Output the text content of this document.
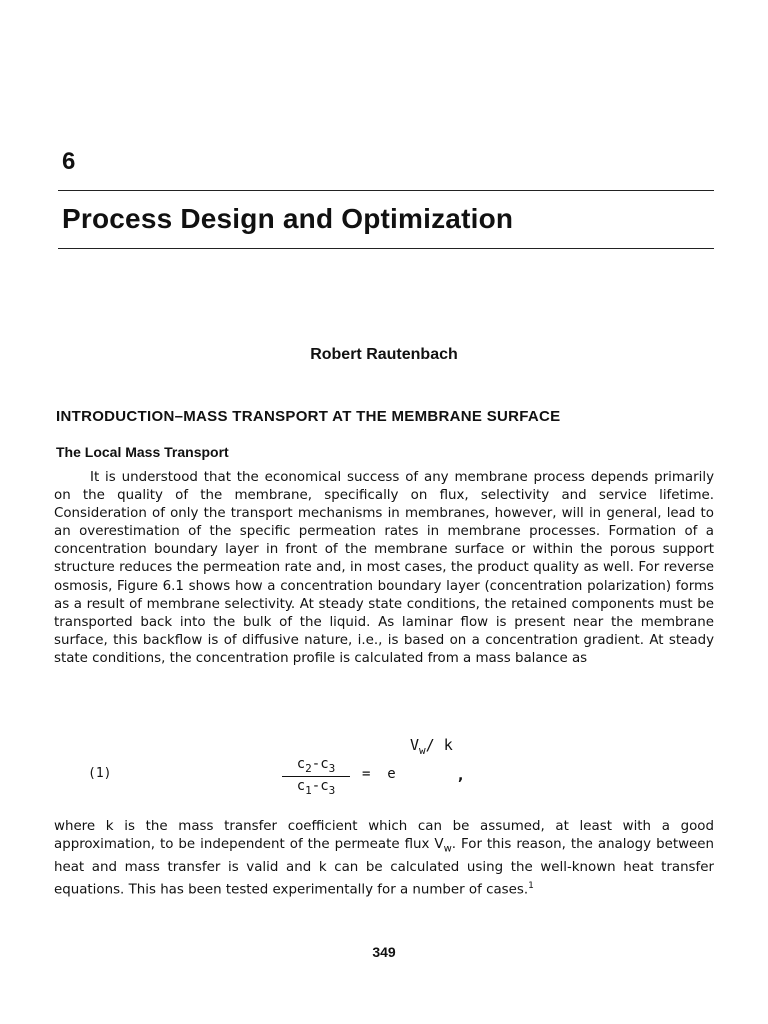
6
Process Design and Optimization
Robert Rautenbach
INTRODUCTION–MASS TRANSPORT AT THE MEMBRANE SURFACE
The Local Mass Transport
It is understood that the economical success of any membrane process depends primarily on the quality of the membrane, specifically on flux, selectivity and service lifetime. Consideration of only the transport mechanisms in membranes, however, will in general, lead to an overestimation of the specific permeation rates in membrane processes. Formation of a concentration boundary layer in front of the membrane surface or within the porous support structure reduces the permeation rate and, in most cases, the product quality as well. For reverse osmosis, Figure 6.1 shows how a concentration boundary layer (concentration polarization) forms as a result of membrane selectivity. At steady state conditions, the retained components must be transported back into the bulk of the liquid. As laminar flow is present near the membrane surface, this backflow is of diffusive nature, i.e., is based on a concentration gradient. At steady state conditions, the concentration profile is calculated from a mass balance as
(1)
$V_w/$ k
$\frac{c_2-c_3}{c_1-c_3} = e$	,
where k is the mass transfer coefficient which can be assumed, at least with a good approximation, to be independent of the permeate flux $V_w$. For this reason, the analogy between heat and mass transfer is valid and k can be calculated using the well-known heat transfer equations. This has been tested experimentally for a number of cases.$^1$
349
